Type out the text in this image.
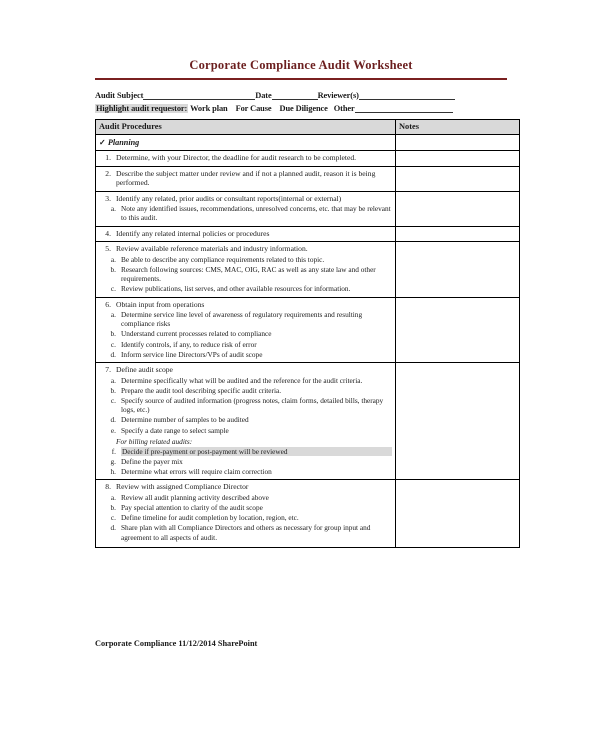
Corporate Compliance Audit Worksheet
Audit Subject	Date	Reviewer(s)
Highlight audit requestor: Work plan For Cause Due Diligence Other
Audit Procedures	Notes
✓ Planning	

1. Determine, with your Director, the deadline for audit research to be completed.	

2. Describe the subject matter under review and if not a planned audit, reason it is being performed.	

3. Identify any related, prior audits or consultant reports(internal or external)
a. Note any identified issues, recommendations, unresolved concerns, etc. that may be relevant to this audit.	

4. Identify any related internal policies or procedures	

5. Review available reference materials and industry information.
a. Be able to describe any compliance requirements related to this topic.
b. Research following sources: CMS, MAC, OIG, RAC as well as any state law and other requirements.
c. Review publications, list serves, and other available resources for information.

6. Obtain input from operations
a. Determine service line level of awareness of regulatory requirements and resulting compliance risks
b. Understand current processes related to compliance
c. Identify controls, if any, to reduce risk of error
d. Inform service line Directors/VPs of audit scope

7. Define audit scope
a. Determine specifically what will be audited and the reference for the audit criteria.
b. Prepare the audit tool describing specific audit criteria.
c. Specify source of audited information (progress notes, claim forms, detailed bills, therapy logs, etc.)
d. Determine number of samples to be audited
e. Specify a date range to select sample
For billing related audits:
f. Decide if pre-payment or post-payment will be reviewed
g. Define the payer mix
h. Determine what errors will require claim correction

8. Review with assigned Compliance Director
a. Review all audit planning activity described above
b. Pay special attention to clarity of the audit scope
c. Define timeline for audit completion by location, region, etc.
d. Share plan with all Compliance Directors and others as necessary for group input and agreement to all aspects of audit.

Corporate Compliance 11/12/2014 SharePoint
